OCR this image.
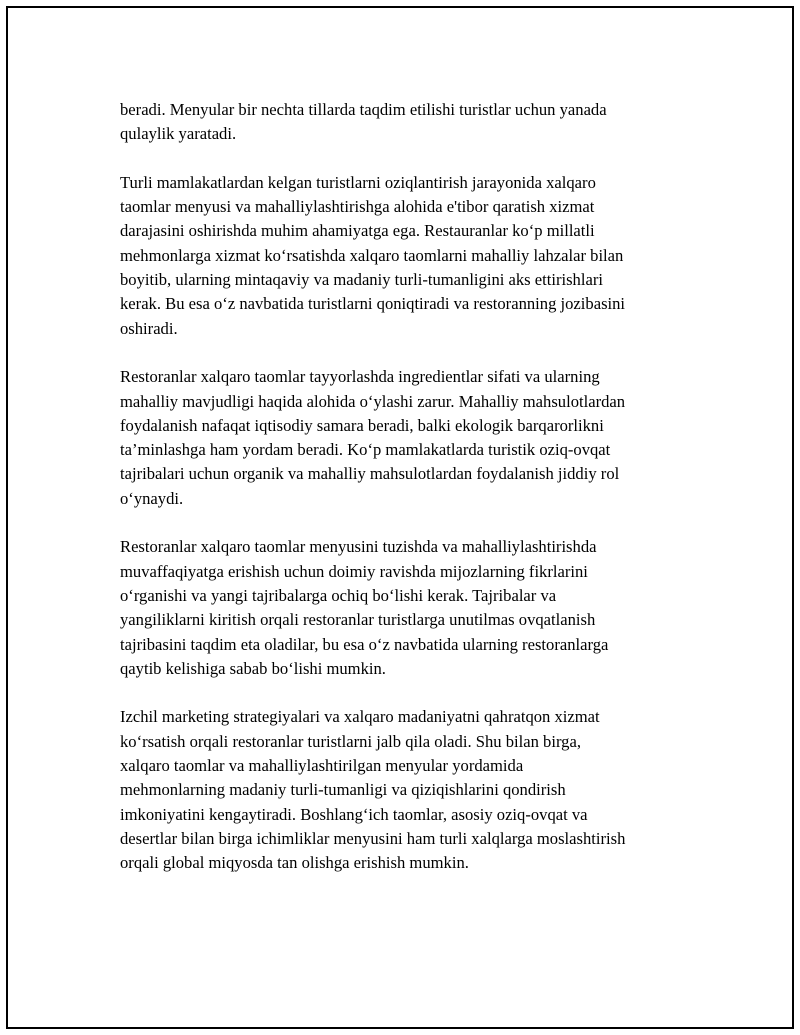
beradi. Menyular bir nechta tillarda taqdim etilishi turistlar uchun yanada
qulaylik yaratadi.

Turli mamlakatlardan kelgan turistlarni oziqlantirish jarayonida xalqaro
taomlar menyusi va mahalliylashtirishga alohida e'tibor qaratish xizmat
darajasini oshirishda muhim ahamiyatga ega. Restauranlar koʻp millatli
mehmonlarga xizmat koʻrsatishda xalqaro taomlarni mahalliy lahzalar bilan
boyitib, ularning mintaqaviy va madaniy turli-tumanligini aks ettirishlari
kerak. Bu esa oʻz navbatida turistlarni qoniqtiradi va restoranning jozibasini
oshiradi.

Restoranlar xalqaro taomlar tayyorlashda ingredientlar sifati va ularning
mahalliy mavjudligi haqida alohida oʻylashi zarur. Mahalliy mahsulotlardan
foydalanish nafaqat iqtisodiy samara beradi, balki ekologik barqarorlikni
ta’minlashga ham yordam beradi. Koʻp mamlakatlarda turistik oziq-ovqat
tajribalari uchun organik va mahalliy mahsulotlardan foydalanish jiddiy rol
oʻynaydi.

Restoranlar xalqaro taomlar menyusini tuzishda va mahalliylashtirishda
muvaffaqiyatga erishish uchun doimiy ravishda mijozlarning fikrlarini
oʻrganishi va yangi tajribalarga ochiq boʻlishi kerak. Tajribalar va
yangiliklarni kiritish orqali restoranlar turistlarga unutilmas ovqatlanish
tajribasini taqdim eta oladilar, bu esa oʻz navbatida ularning restoranlarga
qaytib kelishiga sabab boʻlishi mumkin.

Izchil marketing strategiyalari va xalqaro madaniyatni qahratqon xizmat
koʻrsatish orqali restoranlar turistlarni jalb qila oladi. Shu bilan birga,
xalqaro taomlar va mahalliylashtirilgan menyular yordamida
mehmonlarning madaniy turli-tumanligi va qiziqishlarini qondirish
imkoniyatini kengaytiradi. Boshlangʻich taomlar, asosiy oziq-ovqat va
desertlar bilan birga ichimliklar menyusini ham turli xalqlarga moslashtirish
orqali global miqyosda tan olishga erishish mumkin.
